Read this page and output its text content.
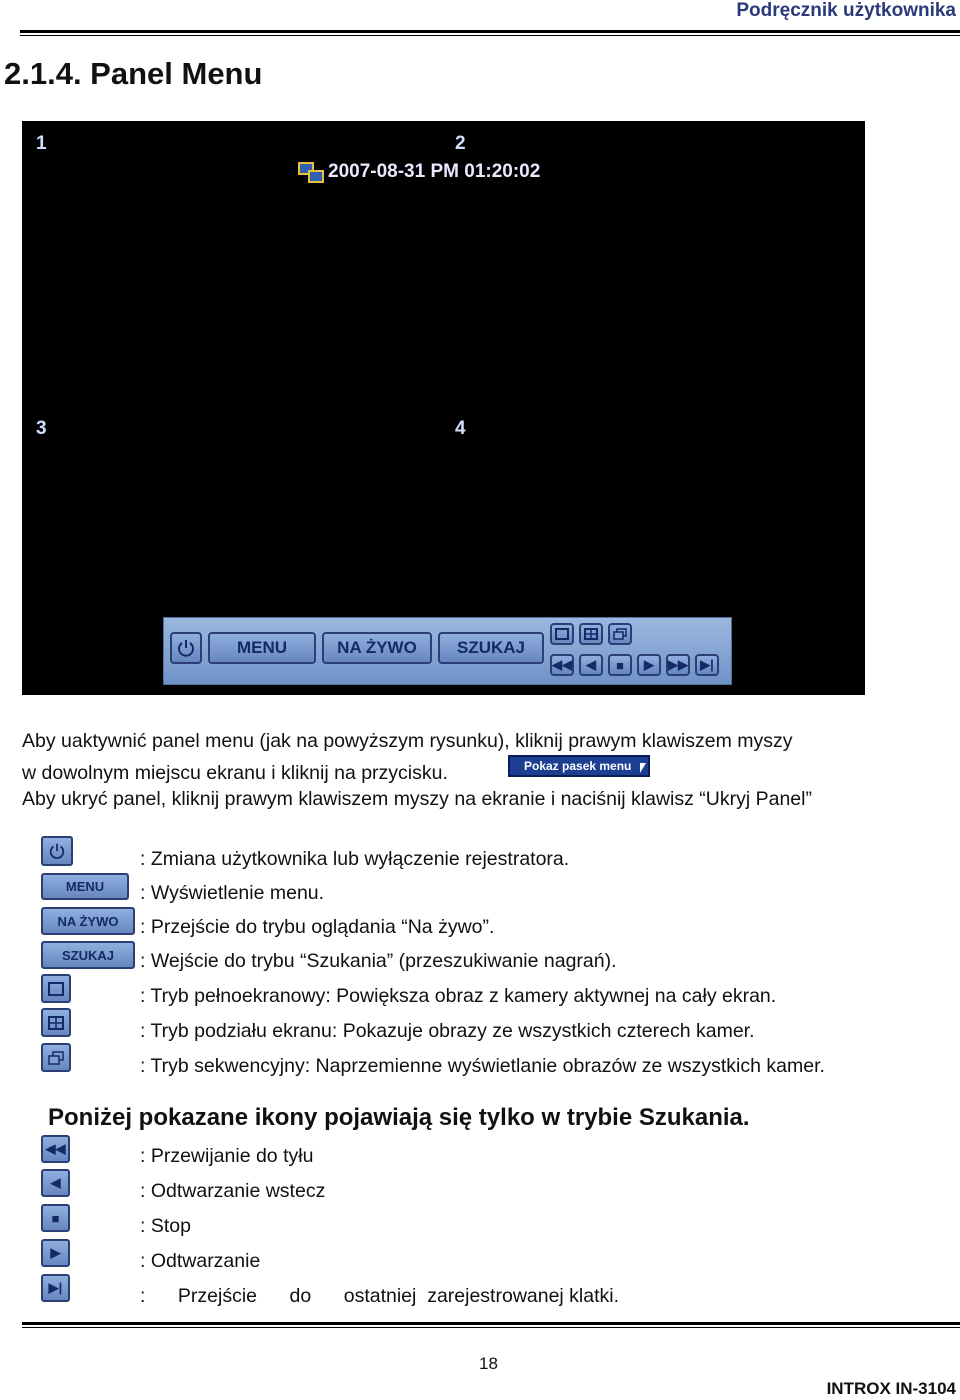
Podręcznik użytkownika
2.1.4. Panel Menu
1	2
3	4
2007-08-31 PM 01:20:02
MENU	NA ŻYWO	SZUKAJ
◀◀ ◀ ■ ▶ ▶▶ ▶|
Aby uaktywnić panel menu (jak na powyższym rysunku), kliknij prawym klawiszem myszy
w dowolnym miejscu ekranu i kliknij na przycisku.	Pokaz pasek menu
Aby ukryć panel, kliknij prawym klawiszem myszy na ekranie i naciśnij klawisz “Ukryj Panel”
: Zmiana użytkownika lub wyłączenie rejestratora.
MENU	: Wyświetlenie menu.
NA ŻYWO	: Przejście do trybu oglądania “Na żywo”.
SZUKAJ	: Wejście do trybu “Szukania” (przeszukiwanie nagrań).
: Tryb pełnoekranowy: Powiększa obraz z kamery aktywnej na cały ekran.
: Tryb podziału ekranu: Pokazuje obrazy ze wszystkich czterech kamer.
: Tryb sekwencyjny: Naprzemienne wyświetlanie obrazów ze wszystkich kamer.
Poniżej pokazane ikony pojawiają się tylko w trybie Szukania.
◀◀	: Przewijanie do tyłu
◀	: Odtwarzanie wstecz
■	: Stop
▶	: Odtwarzanie
▶|	:      Przejście      do      ostatniej  zarejestrowanej klatki.
18
INTROX IN-3104
